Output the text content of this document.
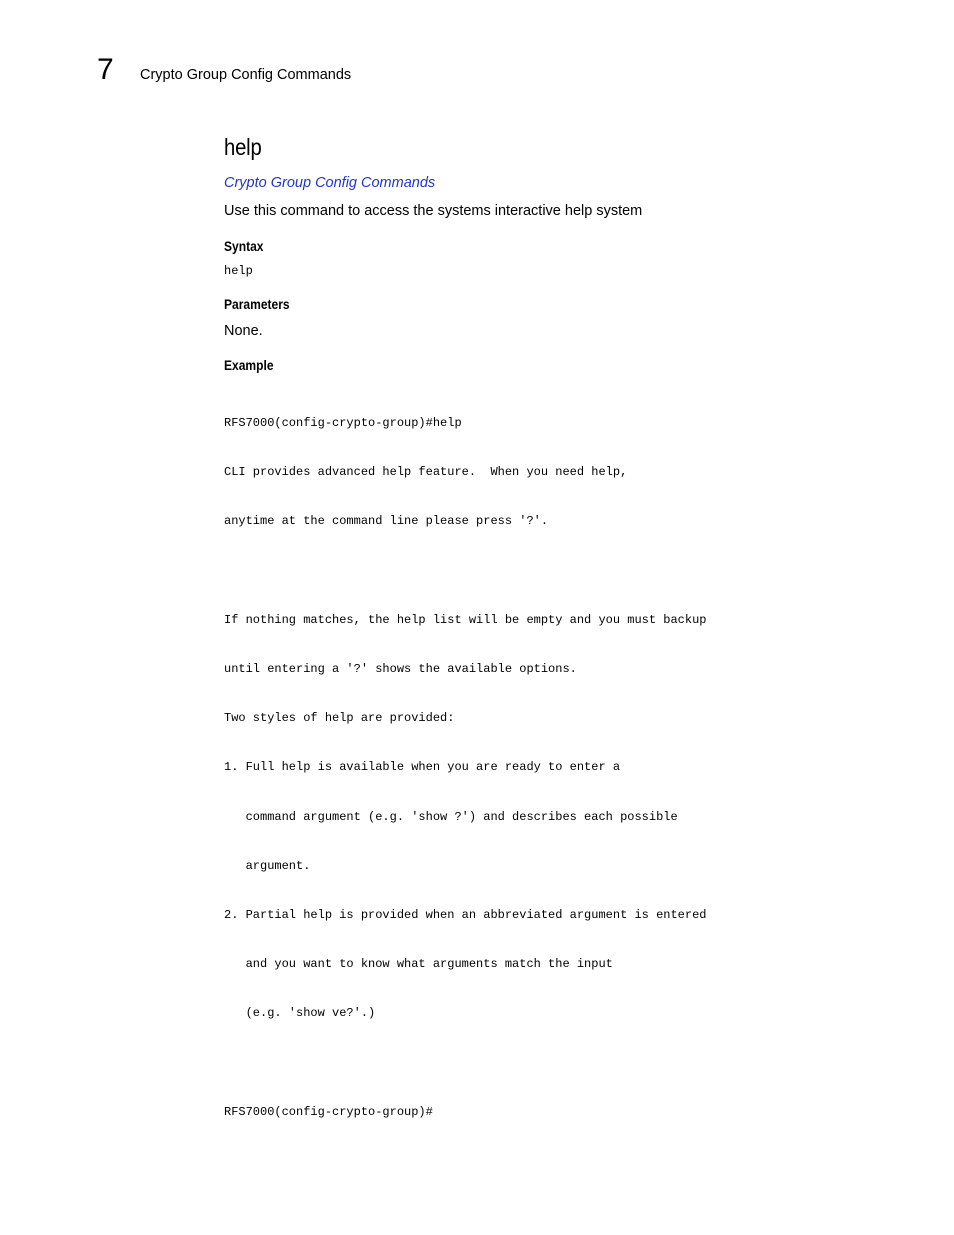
7 Crypto Group Config Commands
help
Crypto Group Config Commands
Use this command to access the systems interactive help system
Syntax
help
Parameters
None.
Example

RFS7000(config-crypto-group)#help

CLI provides advanced help feature.  When you need help,

anytime at the command line please press '?'.

If nothing matches, the help list will be empty and you must backup

until entering a '?' shows the available options.

Two styles of help are provided:

1. Full help is available when you are ready to enter a

command argument (e.g. 'show ?') and describes each possible

argument.

2. Partial help is provided when an abbreviated argument is entered

and you want to know what arguments match the input

(e.g. 'show ve?'.)

RFS7000(config-crypto-group)#
